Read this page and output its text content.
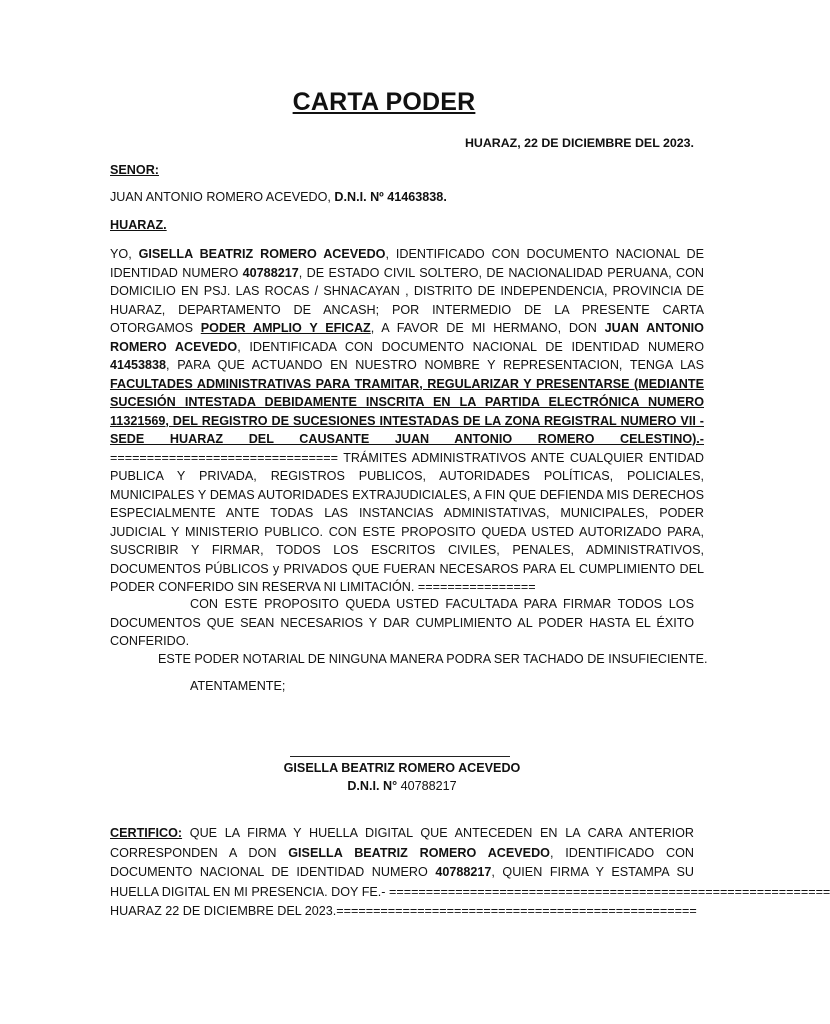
CARTA PODER
HUARAZ, 22 DE DICIEMBRE DEL 2023.
SENOR:
JUAN ANTONIO ROMERO ACEVEDO, D.N.I. Nº 41463838.
HUARAZ.

YO, GISELLA BEATRIZ ROMERO ACEVEDO, IDENTIFICADO CON DOCUMENTO NACIONAL DE IDENTIDAD NUMERO 40788217, DE ESTADO CIVIL SOLTERO, DE NACIONALIDAD PERUANA, CON DOMICILIO EN PSJ. LAS ROCAS / SHNACAYAN , DISTRITO DE INDEPENDENCIA, PROVINCIA DE HUARAZ, DEPARTAMENTO DE ANCASH; POR INTERMEDIO DE LA PRESENTE CARTA OTORGAMOS PODER AMPLIO Y EFICAZ, A FAVOR DE MI HERMANO, DON JUAN ANTONIO ROMERO ACEVEDO, IDENTIFICADA CON DOCUMENTO NACIONAL DE IDENTIDAD NUMERO 41453838, PARA QUE ACTUANDO EN NUESTRO NOMBRE Y REPRESENTACION, TENGA LAS FACULTADES ADMINISTRATIVAS PARA TRAMITAR, REGULARIZAR Y PRESENTARSE (MEDIANTE SUCESIÓN INTESTADA DEBIDAMENTE INSCRITA EN LA PARTIDA ELECTRÓNICA NUMERO 11321569, DEL REGISTRO DE SUCESIONES INTESTADAS DE LA ZONA REGISTRAL NUMERO VII - SEDE HUARAZ DEL CAUSANTE JUAN ANTONIO ROMERO CELESTINO).-=============================== TRÁMITES ADMINISTRATIVOS ANTE CUALQUIER ENTIDAD PUBLICA Y PRIVADA, REGISTROS PUBLICOS, AUTORIDADES POLÍTICAS, POLICIALES, MUNICIPALES Y DEMAS AUTORIDADES EXTRAJUDICIALES, A FIN QUE DEFIENDA MIS DERECHOS ESPECIALMENTE ANTE TODAS LAS INSTANCIAS ADMINISTATIVAS, MUNICIPALES, PODER JUDICIAL Y MINISTERIO PUBLICO. CON ESTE PROPOSITO QUEDA USTED AUTORIZADO PARA, SUSCRIBIR Y FIRMAR, TODOS LOS ESCRITOS CIVILES, PENALES, ADMINISTRATIVOS, DOCUMENTOS PÚBLICOS y PRIVADOS QUE FUERAN NECESAROS PARA EL CUMPLIMIENTO DEL PODER CONFERIDO SIN RESERVA NI LIMITACIÓN. ================

CON ESTE PROPOSITO QUEDA USTED FACULTADA PARA FIRMAR TODOS LOS DOCUMENTOS QUE SEAN NECESARIOS Y DAR CUMPLIMIENTO AL PODER HASTA EL ÉXITO CONFERIDO.
ESTE PODER NOTARIAL DE NINGUNA MANERA PODRA SER TACHADO DE INSUFIECIENTE.
ATENTAMENTE;
GISELLA BEATRIZ ROMERO ACEVEDO
D.N.I. N° 40788217
CERTIFICO: QUE LA FIRMA Y HUELLA DIGITAL QUE ANTECEDEN EN LA CARA ANTERIOR CORRESPONDEN A DON GISELLA BEATRIZ ROMERO ACEVEDO, IDENTIFICADO CON DOCUMENTO NACIONAL DE IDENTIDAD NUMERO 40788217, QUIEN FIRMA Y ESTAMPA SU HUELLA DIGITAL EN MI PRESENCIA. DOY FE.- ============================================================
HUARAZ 22 DE DICIEMBRE DEL 2023.=================================================
